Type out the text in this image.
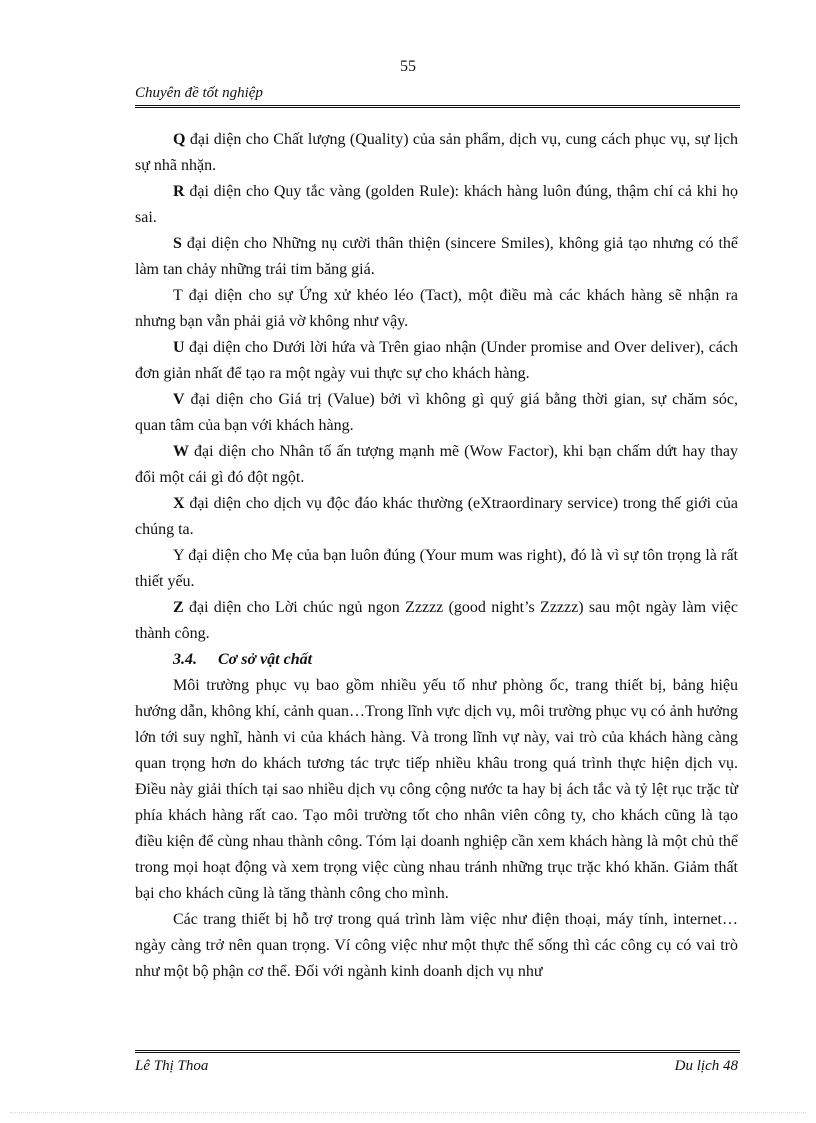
55
Chuyên đề tốt nghiệp

Q đại diện cho Chất lượng (Quality) của sản phẩm, dịch vụ, cung cách phục vụ, sự lịch sự nhã nhặn.

R đại diện cho Quy tắc vàng (golden Rule): khách hàng luôn đúng, thậm chí cả khi họ sai.

S đại diện cho Những nụ cười thân thiện (sincere Smiles), không giả tạo nhưng có thể làm tan chảy những trái tim băng giá.

T đại diện cho sự Ứng xử khéo léo (Tact), một điều mà các khách hàng sẽ nhận ra nhưng bạn vẫn phải giả vờ không như vậy.

U đại diện cho Dưới lời hứa và Trên giao nhận (Under promise and Over deliver), cách đơn giản nhất để tạo ra một ngày vui thực sự cho khách hàng.

V đại diện cho Giá trị (Value) bởi vì không gì quý giá bằng thời gian, sự chăm sóc, quan tâm của bạn với khách hàng.

W đại diện cho Nhân tố ấn tượng mạnh mẽ (Wow Factor), khi bạn chấm dứt hay thay đổi một cái gì đó đột ngột.

X đại diện cho dịch vụ độc đáo khác thường (eXtraordinary service) trong thế giới của chúng ta.

Y đại diện cho Mẹ của bạn luôn đúng (Your mum was right), đó là vì sự tôn trọng là rất thiết yếu.

Z đại diện cho Lời chúc ngủ ngon Zzzzz (good night’s Zzzzz) sau một ngày làm việc thành công.

3.4. Cơ sở vật chất

Môi trường phục vụ bao gồm nhiều yếu tố như phòng ốc, trang thiết bị, bảng hiệu hướng dẫn, không khí, cảnh quan…Trong lĩnh vực dịch vụ, môi trường phục vụ có ảnh hưởng lớn tới suy nghĩ, hành vi của khách hàng. Và trong lĩnh vự này, vai trò của khách hàng càng quan trọng hơn do khách tương tác trực tiếp nhiều khâu trong quá trình thực hiện dịch vụ. Điều này giải thích tại sao nhiều dịch vụ công cộng nước ta hay bị ách tắc và tỷ lệt rục trặc từ phía khách hàng rất cao. Tạo môi trường tốt cho nhân viên công ty, cho khách cũng là tạo điều kiện để cùng nhau thành công. Tóm lại doanh nghiệp cần xem khách hàng là một chủ thể trong mọi hoạt động và xem trọng việc cùng nhau tránh những trục trặc khó khăn. Giảm thất bại cho khách cũng là tăng thành công cho mình.

Các trang thiết bị hỗ trợ trong quá trình làm việc như điện thoại, máy tính, internet…ngày càng trở nên quan trọng. Ví công việc như một thực thể sống thì các công cụ có vai trò như một bộ phận cơ thể. Đối với ngành kinh doanh dịch vụ như

Lê Thị Thoa	Du lịch 48
